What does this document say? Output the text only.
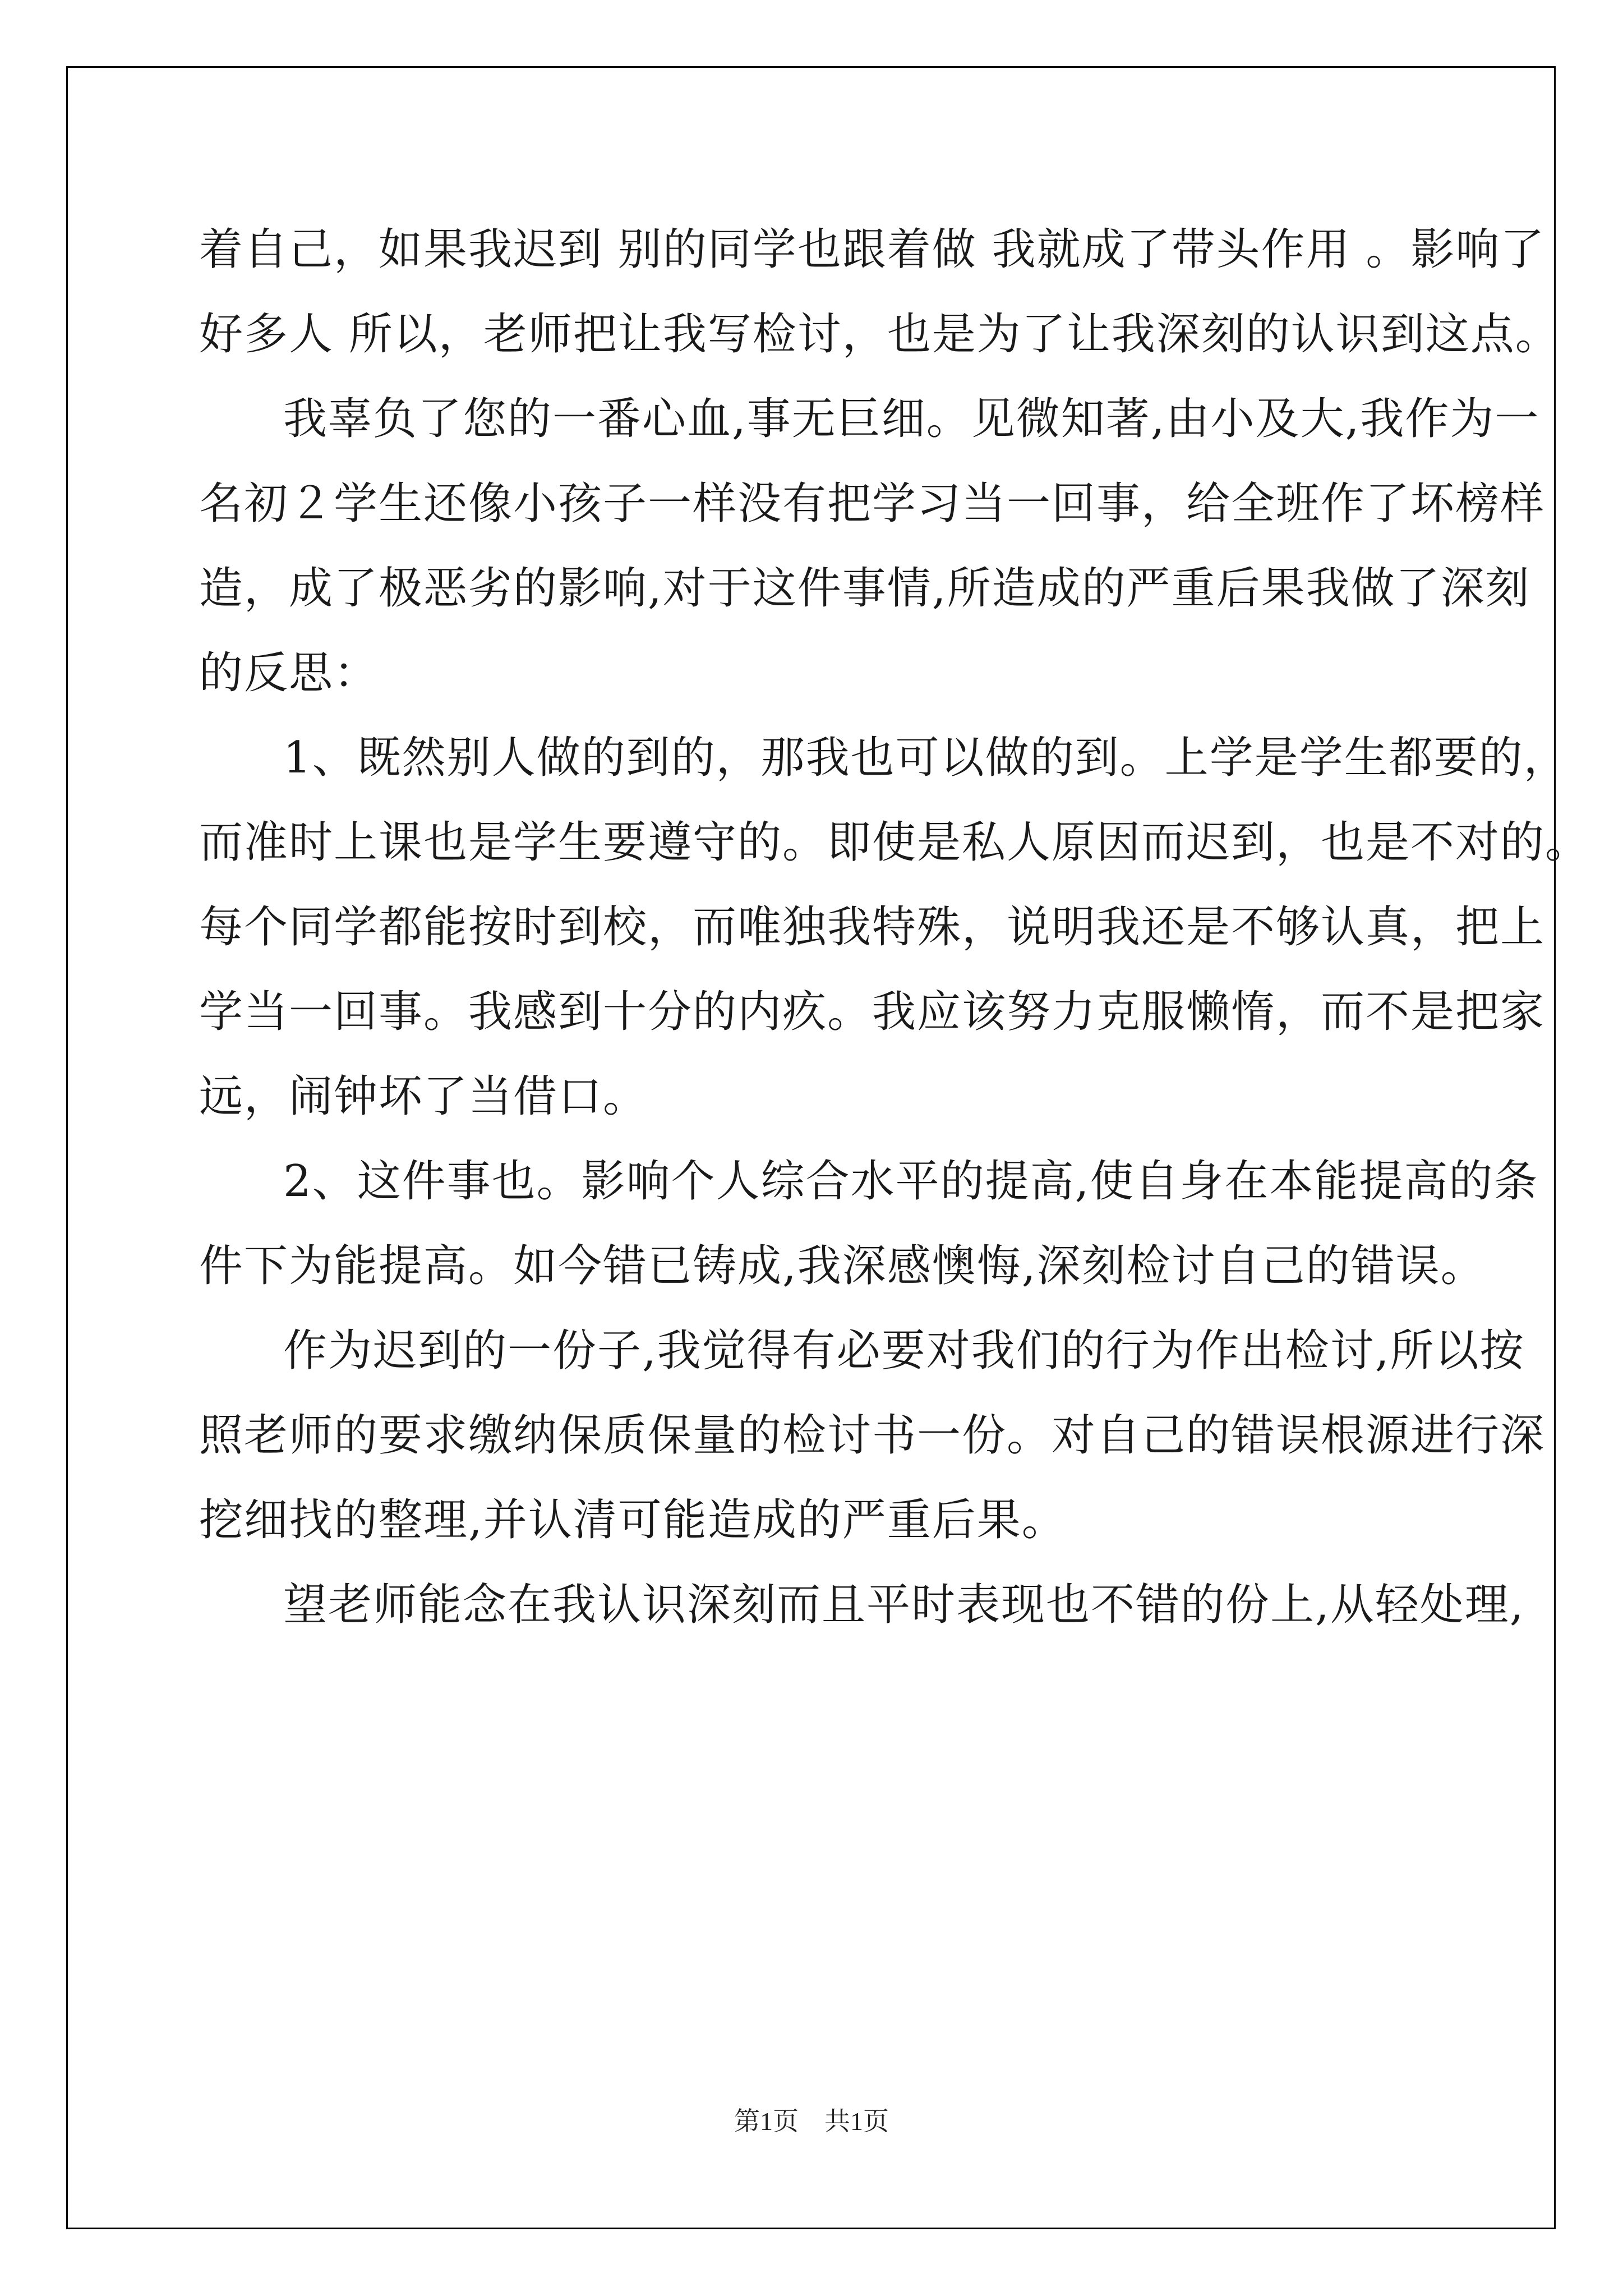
着自己，如果我迟到 别的同学也跟着做 我就成了带头作用 。影响了
好多人 所以，老师把让我写检讨，也是为了让我深刻的认识到这点。
我辜负了您的一番心血,事无巨细。见微知著,由小及大,我作为一
名初２学生还像小孩子一样没有把学习当一回事，给全班作了坏榜样
造，成了极恶劣的影响,对于这件事情,所造成的严重后果我做了深刻
的反思：
1、既然别人做的到的，那我也可以做的到。上学是学生都要的，
而准时上课也是学生要遵守的。即使是私人原因而迟到，也是不对的。
每个同学都能按时到校，而唯独我特殊，说明我还是不够认真，把上
学当一回事。我感到十分的内疚。我应该努力克服懒惰，而不是把家
远，闹钟坏了当借口。
2、这件事也。影响个人综合水平的提高,使自身在本能提高的条
件下为能提高。如今错已铸成,我深感懊悔,深刻检讨自己的错误。
作为迟到的一份子,我觉得有必要对我们的行为作出检讨,所以按
照老师的要求缴纳保质保量的检讨书一份。对自己的错误根源进行深
挖细找的整理,并认清可能造成的严重后果。
望老师能念在我认识深刻而且平时表现也不错的份上,从轻处理,
第1页　共1页
